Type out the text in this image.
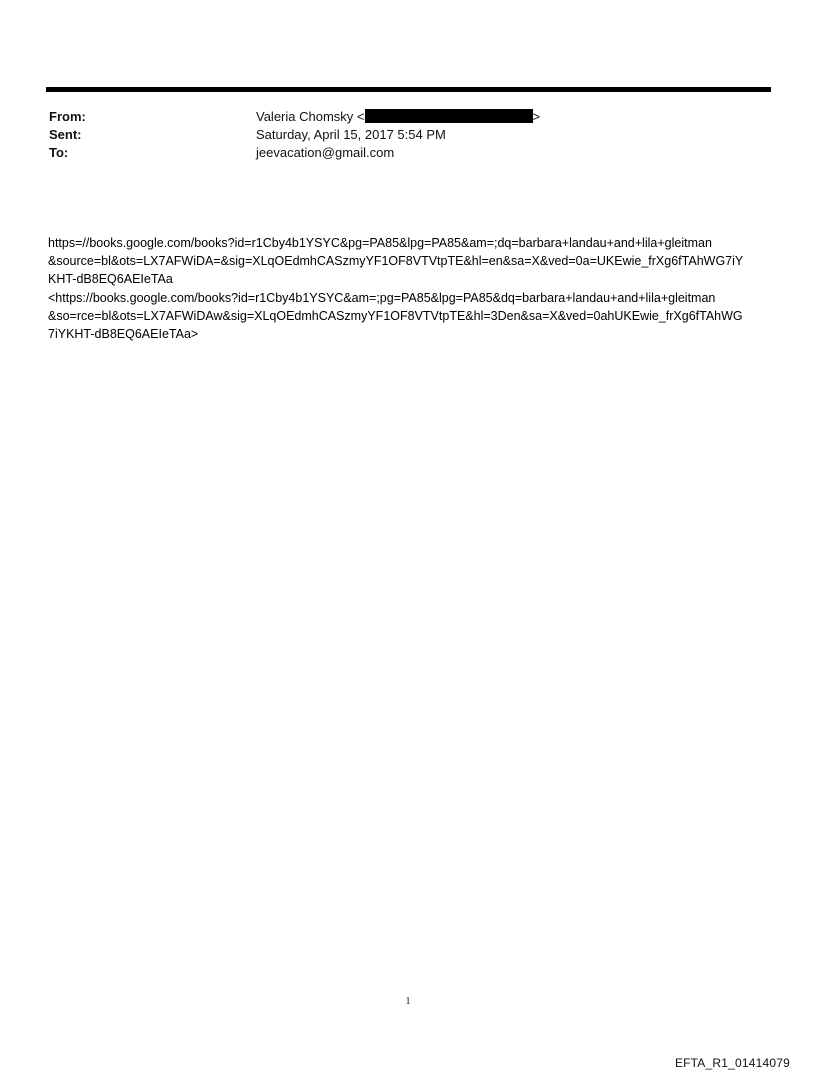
From:	Valeria Chomsky <	>
Sent:	Saturday, April 15, 2017 5:54 PM
To:	jeevacation@gmail.com
https=//books.google.com/books?id=r1Cby4b1YSYC&pg=PA85&lpg=PA85&am=;dq=barbara+landau+and+lila+gleitman
&source=bl&ots=LX7AFWiDA=&sig=XLqOEdmhCASzmyYF1OF8VTVtpTE&hl=en&sa=X&ved=0a=UKEwie_frXg6fTAhWG7iY
KHT-dB8EQ6AEIeTAa
<https://books.google.com/books?id=r1Cby4b1YSYC&am=;pg=PA85&lpg=PA85&dq=barbara+landau+and+lila+gleitman
&so=rce=bl&ots=LX7AFWiDAw&sig=XLqOEdmhCASzmyYF1OF8VTVtpTE&hl=3Den&sa=X&ved=0ahUKEwie_frXg6fTAhWG
7iYKHT-dB8EQ6AEIeTAa>
1
EFTA_R1_01414079
